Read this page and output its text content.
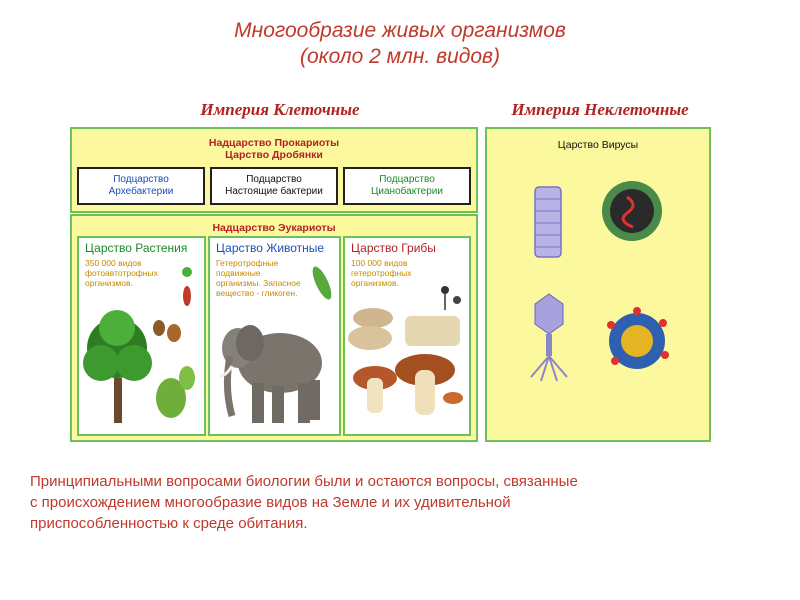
Многообразие живых организмов
(около 2 млн. видов)
Империя Клеточные	Империя Неклеточные
Надцарство Прокариоты
Царство Дробянки
Подцарство
Архебактерии
Подцарство
Настоящие бактерии
Подцарство
Цианобактерии
Надцарство Эукариоты
Царство Растения
350 000 видов
фотоавтотрофных
организмов.
Царство Животные
Гетеротрофные
подвижные
организмы. Запасное
вещество - гликоген.
Царство Грибы
100 000 видов
гетеротрофных
организмов.
Царство Вирусы
Принципиальными вопросами биологии были и остаются вопросы, связанные
с происхождением многообразие видов на Земле и их удивительной
приспособленностью к среде обитания.
